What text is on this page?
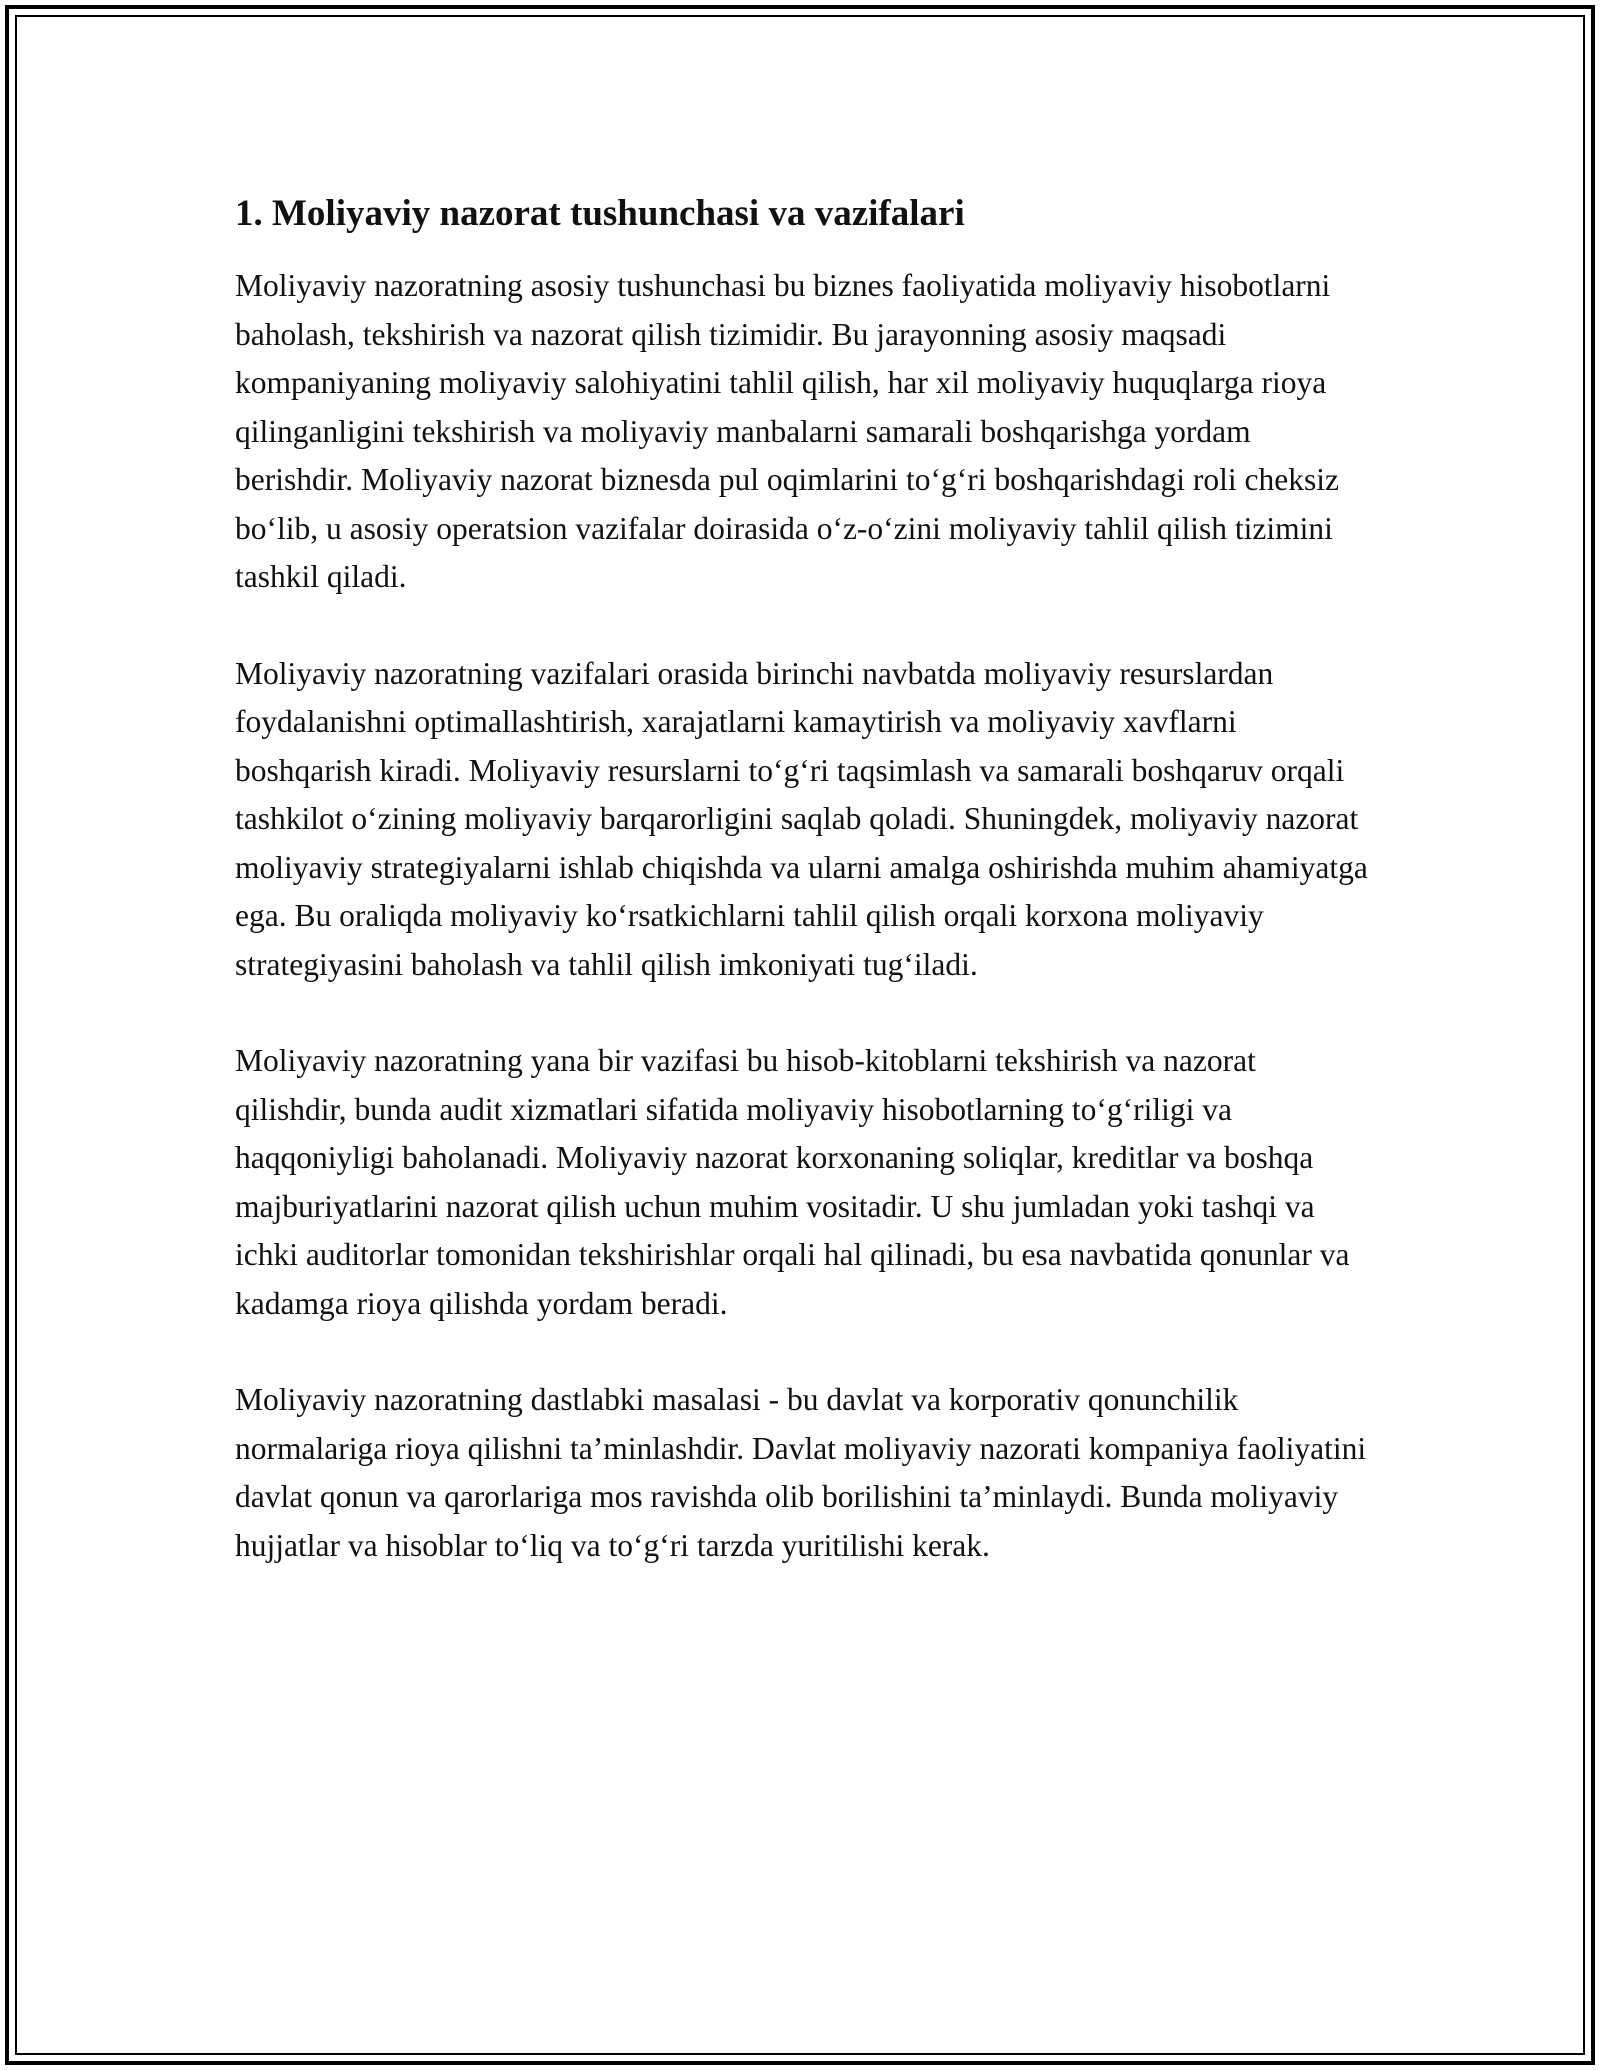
1. Moliyaviy nazorat tushunchasi va vazifalari

Moliyaviy nazoratning asosiy tushunchasi bu biznes faoliyatida moliyaviy hisobotlarni baholash, tekshirish va nazorat qilish tizimidir. Bu jarayonning asosiy maqsadi kompaniyaning moliyaviy salohiyatini tahlil qilish, har xil moliyaviy huquqlarga rioya qilinganligini tekshirish va moliyaviy manbalarni samarali boshqarishga yordam berishdir. Moliyaviy nazorat biznesda pul oqimlarini to‘g‘ri boshqarishdagi roli cheksiz bo‘lib, u asosiy operatsion vazifalar doirasida o‘z-o‘zini moliyaviy tahlil qilish tizimini tashkil qiladi.

Moliyaviy nazoratning vazifalari orasida birinchi navbatda moliyaviy resurslardan foydalanishni optimallashtirish, xarajatlarni kamaytirish va moliyaviy xavflarni boshqarish kiradi. Moliyaviy resurslarni to‘g‘ri taqsimlash va samarali boshqaruv orqali tashkilot o‘zining moliyaviy barqarorligini saqlab qoladi. Shuningdek, moliyaviy nazorat moliyaviy strategiyalarni ishlab chiqishda va ularni amalga oshirishda muhim ahamiyatga ega. Bu oraliqda moliyaviy ko‘rsatkichlarni tahlil qilish orqali korxona moliyaviy strategiyasini baholash va tahlil qilish imkoniyati tug‘iladi.

Moliyaviy nazoratning yana bir vazifasi bu hisob-kitoblarni tekshirish va nazorat qilishdir, bunda audit xizmatlari sifatida moliyaviy hisobotlarning to‘g‘riligi va haqqoniyligi baholanadi. Moliyaviy nazorat korxonaning soliqlar, kreditlar va boshqa majburiyatlarini nazorat qilish uchun muhim vositadir. U shu jumladan yoki tashqi va ichki auditorlar tomonidan tekshirishlar orqali hal qilinadi, bu esa navbatida qonunlar va kadamga rioya qilishda yordam beradi.

Moliyaviy nazoratning dastlabki masalasi - bu davlat va korporativ qonunchilik normalariga rioya qilishni ta’minlashdir. Davlat moliyaviy nazorati kompaniya faoliyatini davlat qonun va qarorlariga mos ravishda olib borilishini ta’minlaydi. Bunda moliyaviy hujjatlar va hisoblar to‘liq va to‘g‘ri tarzda yuritilishi kerak.
